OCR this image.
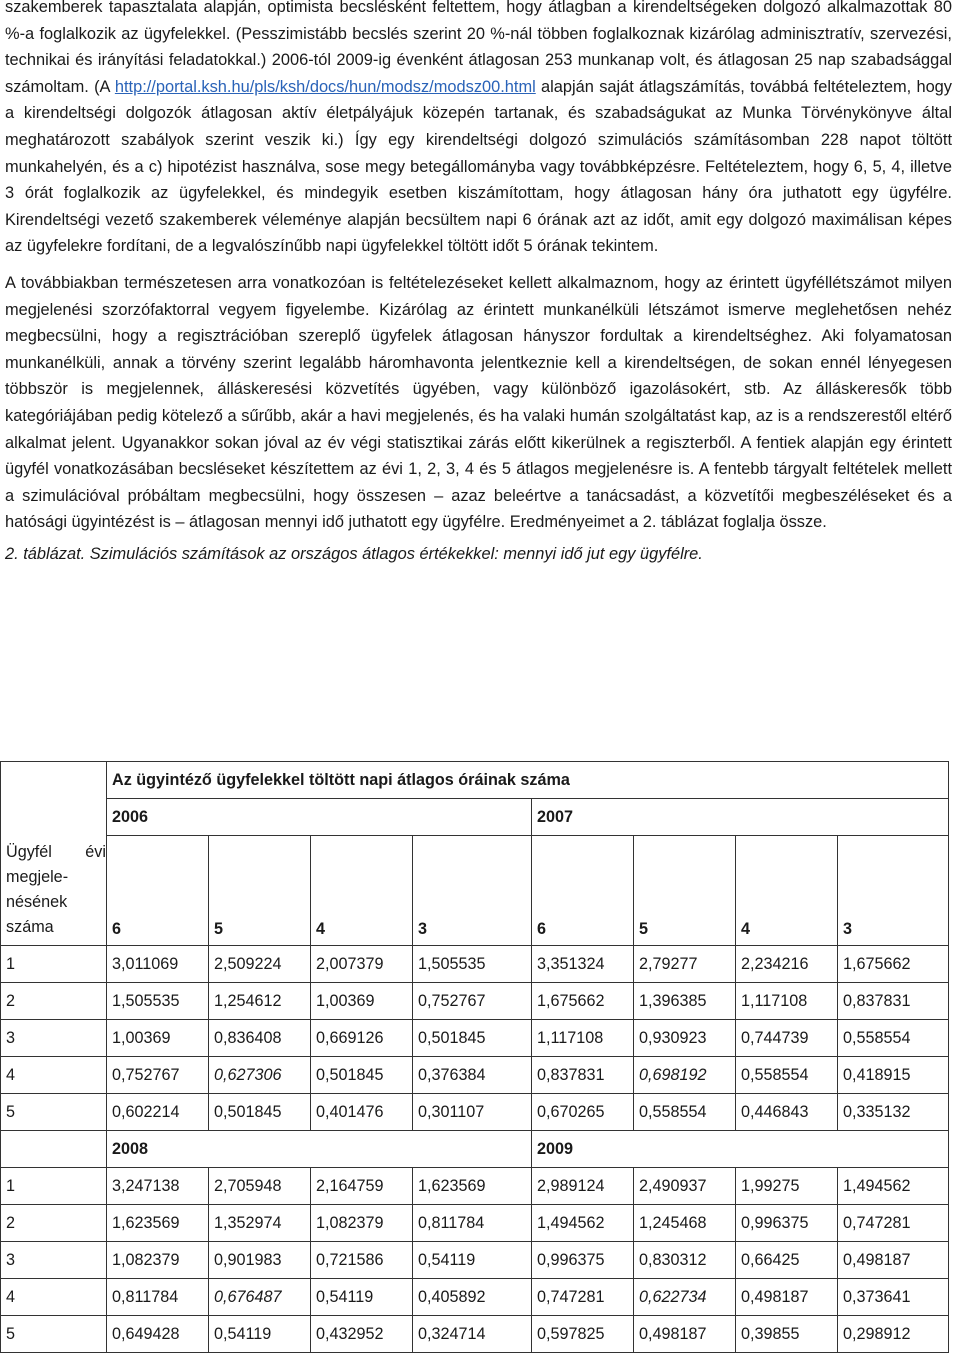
szakemberek tapasztalata alapján, optimista becslésként feltettem, hogy átlagban a kirendeltségeken dolgozó alkalmazottak 80 %-a foglalkozik az ügyfelekkel. (Pesszimistább becslés szerint 20 %-nál többen foglalkoznak kizárólag adminisztratív, szervezési, technikai és irányítási feladatokkal.) 2006-tól 2009-ig évenként átlagosan 253 munkanap volt, és átlagosan 25 nap szabadsággal számoltam. (A http://portal.ksh.hu/pls/ksh/docs/hun/modsz/modsz00.html alapján saját átlagszámítás, továbbá feltételeztem, hogy a kirendeltségi dolgozók átlagosan aktív életpályájuk közepén tartanak, és szabadságukat az Munka Törvénykönyve által meghatározott szabályok szerint veszik ki.) Így egy kirendeltségi dolgozó szimulációs számításomban 228 napot töltött munkahelyén, és a c) hipotézist használva, sose megy betegállományba vagy továbbképzésre. Feltételeztem, hogy 6, 5, 4, illetve 3 órát foglalkozik az ügyfelekkel, és mindegyik esetben kiszámítottam, hogy átlagosan hány óra juthatott egy ügyfélre. Kirendeltségi vezető szakemberek véleménye alapján becsültem napi 6 órának azt az időt, amit egy dolgozó maximálisan képes az ügyfelekre fordítani, de a legvalószínűbb napi ügyfelekkel töltött időt 5 órának tekintem.

A továbbiakban természetesen arra vonatkozóan is feltételezéseket kellett alkalmaznom, hogy az érintett ügyféllétszámot milyen megjelenési szorzófaktorral vegyem figyelembe. Kizárólag az érintett munkanélküli létszámot ismerve meglehetősen nehéz megbecsülni, hogy a regisztrációban szereplő ügyfelek átlagosan hányszor fordultak a kirendeltséghez. Aki folyamatosan munkanélküli, annak a törvény szerint legalább háromhavonta jelentkeznie kell a kirendeltségen, de sokan ennél lényegesen többször is megjelennek, álláskeresési közvetítés ügyében, vagy különböző igazolásokért, stb. Az álláskeresők több kategóriájában pedig kötelező a sűrűbb, akár a havi megjelenés, és ha valaki humán szolgáltatást kap, az is a rendszerestől eltérő alkalmat jelent. Ugyanakkor sokan jóval az év végi statisztikai zárás előtt kikerülnek a regiszterből. A fentiek alapján egy érintett ügyfél vonatkozásában becsléseket készítettem az évi 1, 2, 3, 4 és 5 átlagos megjelenésre is. A fentebb tárgyalt feltételek mellett a szimulációval próbáltam megbecsülni, hogy összesen – azaz beleértve a tanácsadást, a közvetítői megbeszéléseket és a hatósági ügyintézést is – átlagosan mennyi idő juthatott egy ügyfélre. Eredményeimet a 2. táblázat foglalja össze.

2. táblázat. Szimulációs számítások az országos átlagos értékekkel: mennyi idő jut egy ügyfélre.

Ügyfél évi megjele-nésének száma	Az ügyintéző ügyfelekkel töltött napi átlagos óráinak száma							
	2006				2007			
	6	5	4	3	6	5	4	3
1	3,011069	2,509224	2,007379	1,505535	3,351324	2,79277	2,234216	1,675662
2	1,505535	1,254612	1,00369	0,752767	1,675662	1,396385	1,117108	0,837831
3	1,00369	0,836408	0,669126	0,501845	1,117108	0,930923	0,744739	0,558554
4	0,752767	0,627306	0,501845	0,376384	0,837831	0,698192	0,558554	0,418915
5	0,602214	0,501845	0,401476	0,301107	0,670265	0,558554	0,446843	0,335132
	2008				2009			
1	3,247138	2,705948	2,164759	1,623569	2,989124	2,490937	1,99275	1,494562
2	1,623569	1,352974	1,082379	0,811784	1,494562	1,245468	0,996375	0,747281
3	1,082379	0,901983	0,721586	0,54119	0,996375	0,830312	0,66425	0,498187
4	0,811784	0,676487	0,54119	0,405892	0,747281	0,622734	0,498187	0,373641
5	0,649428	0,54119	0,432952	0,324714	0,597825	0,498187	0,39855	0,298912
